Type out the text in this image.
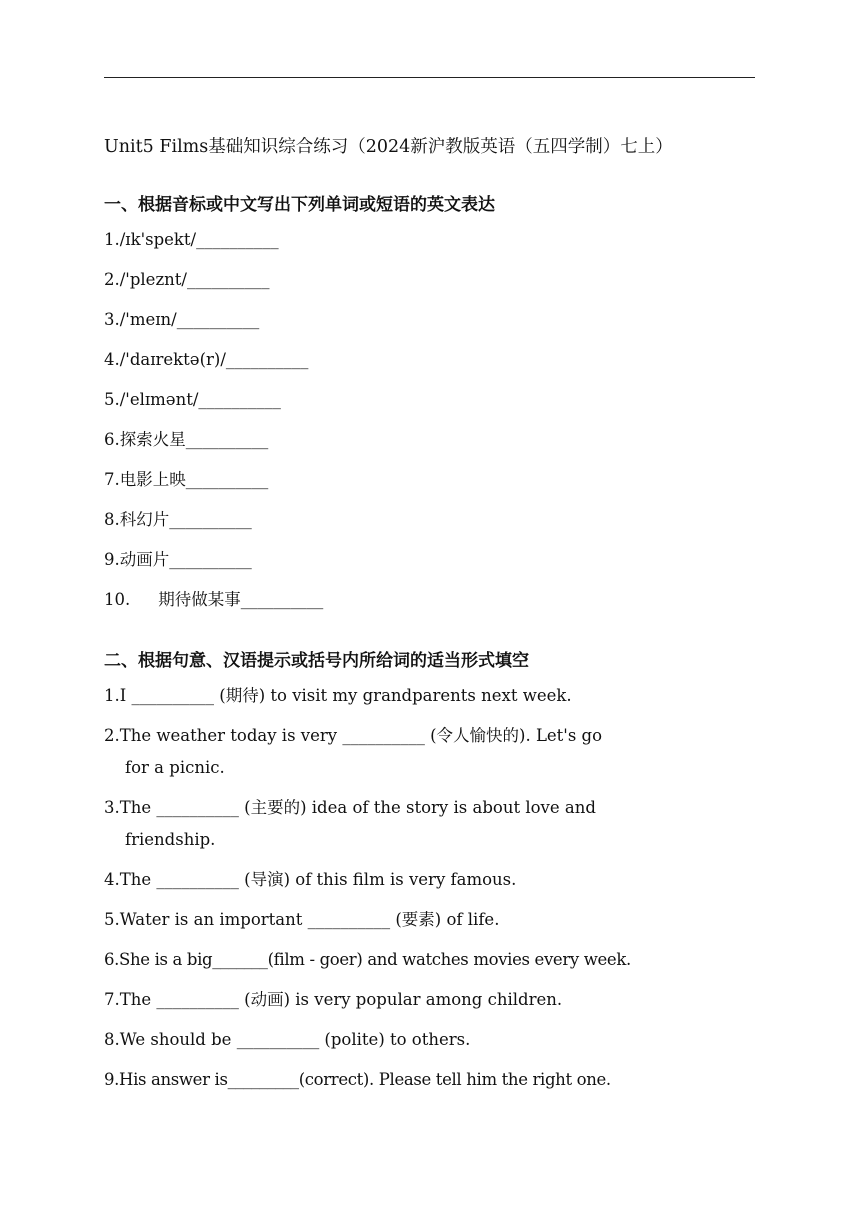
Unit5 Films基础知识综合练习（2024新沪教版英语（五四学制）七上）
一、根据音标或中文写出下列单词或短语的英文表达
1./ɪk'spekt/__________
2./'pleznt/__________
3./'meɪn/__________
4./'daɪrektə(r)/__________
5./'elɪmənt/__________
6.探索火星__________
7.电影上映__________
8.科幻片__________
9.动画片__________
10. 期待做某事__________
二、根据句意、汉语提示或括号内所给词的适当形式填空
1.I __________ (期待) to visit my grandparents next week.
2.The weather today is very __________ (令人愉快的). Let's go
for a picnic.
3.The __________ (主要的) idea of the story is about love and
friendship.
4.The __________ (导演) of this film is very famous.
5.Water is an important __________ (要素) of life.
6.She is a big_______(film - goer) and watches movies every week.
7.The __________ (动画) is very popular among children.
8.We should be __________ (polite) to others.
9.His answer is_________(correct). Please tell him the right one.
